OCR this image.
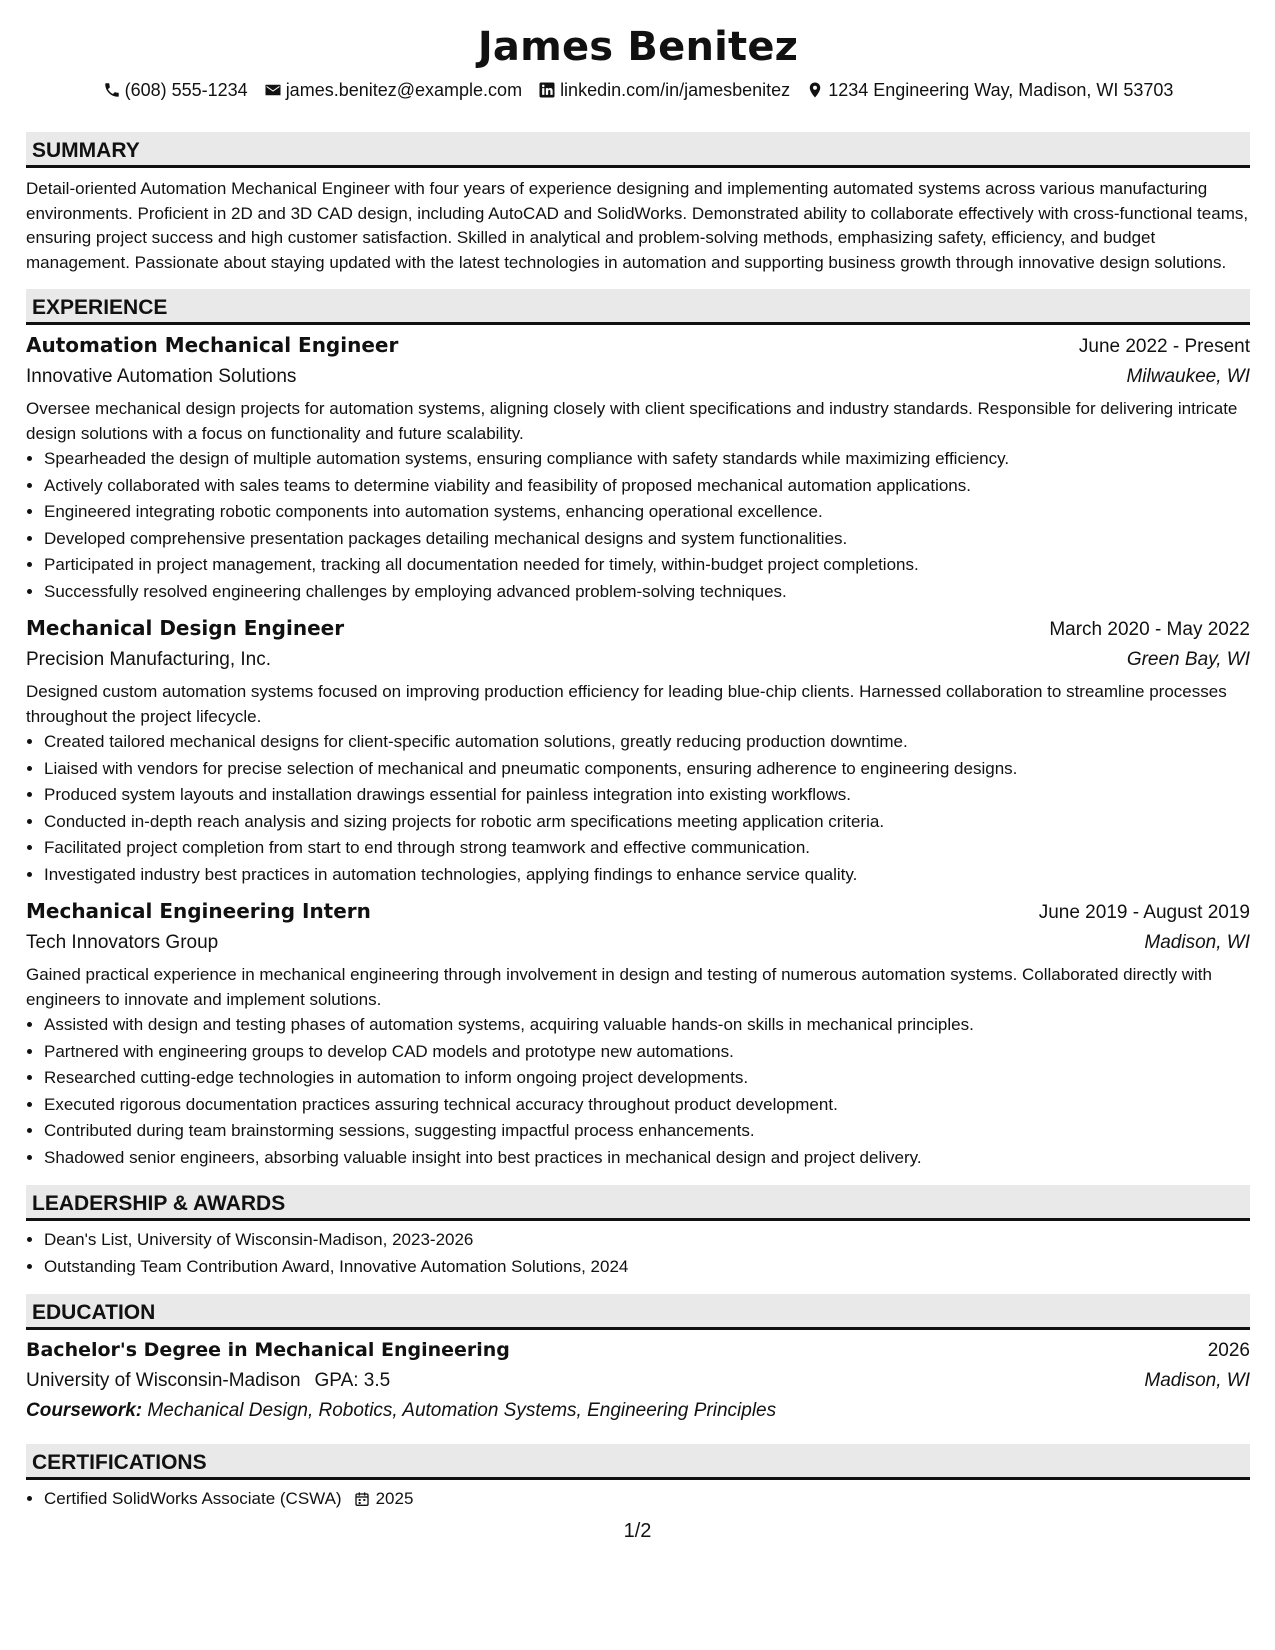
James Benitez
(608) 555-1234 james.benitez@example.com linkedin.com/in/jamesbenitez 1234 Engineering Way, Madison, WI 53703
SUMMARY
Detail-oriented Automation Mechanical Engineer with four years of experience designing and implementing automated systems across various manufacturing environments. Proficient in 2D and 3D CAD design, including AutoCAD and SolidWorks. Demonstrated ability to collaborate effectively with cross-functional teams, ensuring project success and high customer satisfaction. Skilled in analytical and problem-solving methods, emphasizing safety, efficiency, and budget management. Passionate about staying updated with the latest technologies in automation and supporting business growth through innovative design solutions.
EXPERIENCE
Automation Mechanical Engineer	June 2022 - Present
Innovative Automation Solutions	Milwaukee, WI
Oversee mechanical design projects for automation systems, aligning closely with client specifications and industry standards. Responsible for delivering intricate design solutions with a focus on functionality and future scalability.
• Spearheaded the design of multiple automation systems, ensuring compliance with safety standards while maximizing efficiency.
• Actively collaborated with sales teams to determine viability and feasibility of proposed mechanical automation applications.
• Engineered integrating robotic components into automation systems, enhancing operational excellence.
• Developed comprehensive presentation packages detailing mechanical designs and system functionalities.
• Participated in project management, tracking all documentation needed for timely, within-budget project completions.
• Successfully resolved engineering challenges by employing advanced problem-solving techniques.
Mechanical Design Engineer	March 2020 - May 2022
Precision Manufacturing, Inc.	Green Bay, WI
Designed custom automation systems focused on improving production efficiency for leading blue-chip clients. Harnessed collaboration to streamline processes throughout the project lifecycle.
• Created tailored mechanical designs for client-specific automation solutions, greatly reducing production downtime.
• Liaised with vendors for precise selection of mechanical and pneumatic components, ensuring adherence to engineering designs.
• Produced system layouts and installation drawings essential for painless integration into existing workflows.
• Conducted in-depth reach analysis and sizing projects for robotic arm specifications meeting application criteria.
• Facilitated project completion from start to end through strong teamwork and effective communication.
• Investigated industry best practices in automation technologies, applying findings to enhance service quality.
Mechanical Engineering Intern	June 2019 - August 2019
Tech Innovators Group	Madison, WI
Gained practical experience in mechanical engineering through involvement in design and testing of numerous automation systems. Collaborated directly with engineers to innovate and implement solutions.
• Assisted with design and testing phases of automation systems, acquiring valuable hands-on skills in mechanical principles.
• Partnered with engineering groups to develop CAD models and prototype new automations.
• Researched cutting-edge technologies in automation to inform ongoing project developments.
• Executed rigorous documentation practices assuring technical accuracy throughout product development.
• Contributed during team brainstorming sessions, suggesting impactful process enhancements.
• Shadowed senior engineers, absorbing valuable insight into best practices in mechanical design and project delivery.
LEADERSHIP & AWARDS
• Dean's List, University of Wisconsin-Madison, 2023-2026
• Outstanding Team Contribution Award, Innovative Automation Solutions, 2024
EDUCATION
Bachelor's Degree in Mechanical Engineering	2026
University of Wisconsin-Madison GPA: 3.5	Madison, WI
Coursework: Mechanical Design, Robotics, Automation Systems, Engineering Principles
CERTIFICATIONS
• Certified SolidWorks Associate (CSWA) 2025
1/2
